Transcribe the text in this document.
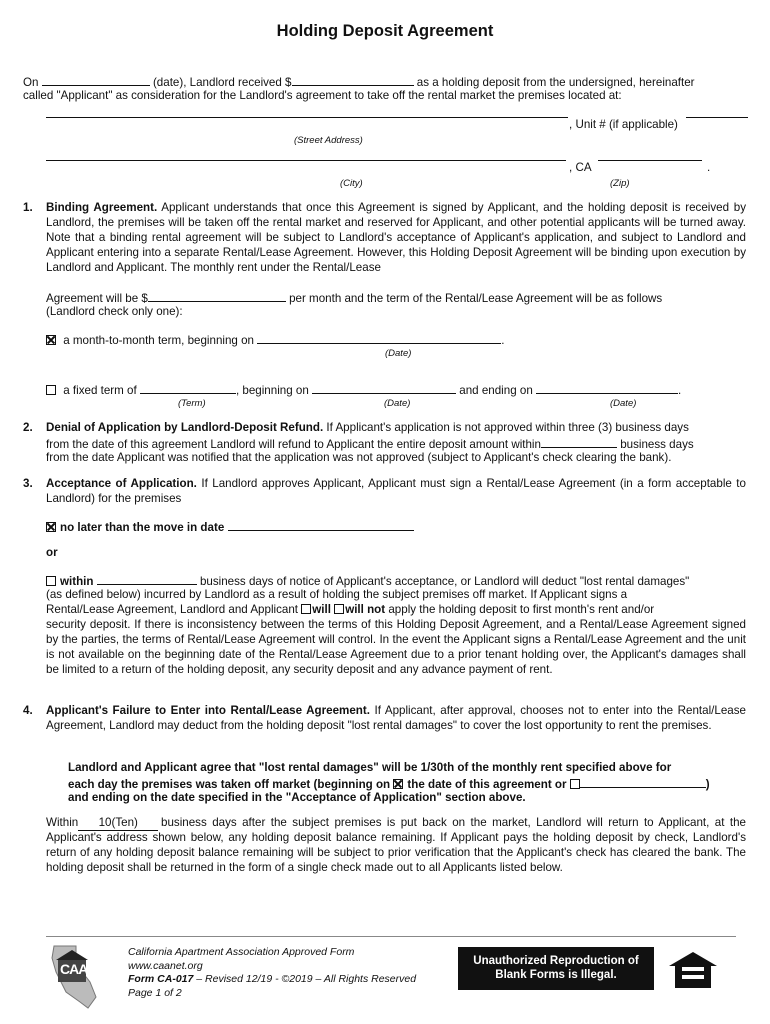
Holding Deposit Agreement
On	(date), Landlord received $	as a holding deposit from the undersigned, hereinafter
called "Applicant" as consideration for the Landlord's agreement to take off the rental market the premises located at:
, Unit # (if applicable)
(Street Address)
, CA	.
(City)	(Zip)
1. Binding Agreement. Applicant understands that once this Agreement is signed by Applicant, and the holding deposit is received by Landlord, the premises will be taken off the rental market and reserved for Applicant, and other potential applicants will be turned away. Note that a binding rental agreement will be subject to Landlord's acceptance of Applicant's application, and subject to Landlord and Applicant entering into a separate Rental/Lease Agreement. However, this Holding Deposit Agreement will be binding upon execution by Landlord and Applicant. The monthly rent under the Rental/Lease
Agreement will be $	per month and the term of the Rental/Lease Agreement will be as follows
(Landlord check only one):
a month-to-month term, beginning on	.
(Date)
a fixed term of	, beginning on	and ending on	.
(Term)	(Date)	(Date)
2. Denial of Application by Landlord-Deposit Refund. If Applicant's application is not approved within three (3) business days
from the date of this agreement Landlord will refund to Applicant the entire deposit amount within	business days
from the date Applicant was notified that the application was not approved (subject to Applicant's check clearing the bank).
3. Acceptance of Application. If Landlord approves Applicant, Applicant must sign a Rental/Lease Agreement (in a form acceptable to Landlord) for the premises
no later than the move in date
or
within	business days of notice of Applicant's acceptance, or Landlord will deduct "lost rental damages"
(as defined below) incurred by Landlord as a result of holding the subject premises off market. If Applicant signs a
Rental/Lease Agreement, Landlord and Applicant will will not apply the holding deposit to first month's rent and/or
security deposit. If there is inconsistency between the terms of this Holding Deposit Agreement, and a Rental/Lease Agreement signed by the parties, the terms of Rental/Lease Agreement will control. In the event the Applicant signs a Rental/Lease Agreement and the unit is not available on the beginning date of the Rental/Lease Agreement due to a prior tenant holding over, the Applicant's damages shall be limited to a return of the holding deposit, any security deposit and any advance payment of rent.
4. Applicant's Failure to Enter into Rental/Lease Agreement. If Applicant, after approval, chooses not to enter into the Rental/Lease Agreement, Landlord may deduct from the holding deposit "lost rental damages" to cover the lost opportunity to rent the premises.
Landlord and Applicant agree that "lost rental damages" will be 1/30th of the monthly rent specified above for
each day the premises was taken off market (beginning on the date of this agreement or	)
and ending on the date specified in the "Acceptance of Application" section above.
Within 10(Ten)	business days after the subject premises is put back on the market, Landlord will return to Applicant, at the Applicant's address shown below, any holding deposit balance remaining. If Applicant pays the holding deposit by check, Landlord's return of any holding deposit balance remaining will be subject to prior verification that the Applicant's check has cleared the bank. The holding deposit shall be returned in the form of a single check made out to all Applicants listed below.
CAA
California Apartment Association Approved Form
www.caanet.org
Form CA-017 – Revised 12/19 - ©2019 – All Rights Reserved
Page 1 of 2
Unauthorized Reproduction of
Blank Forms is Illegal.
